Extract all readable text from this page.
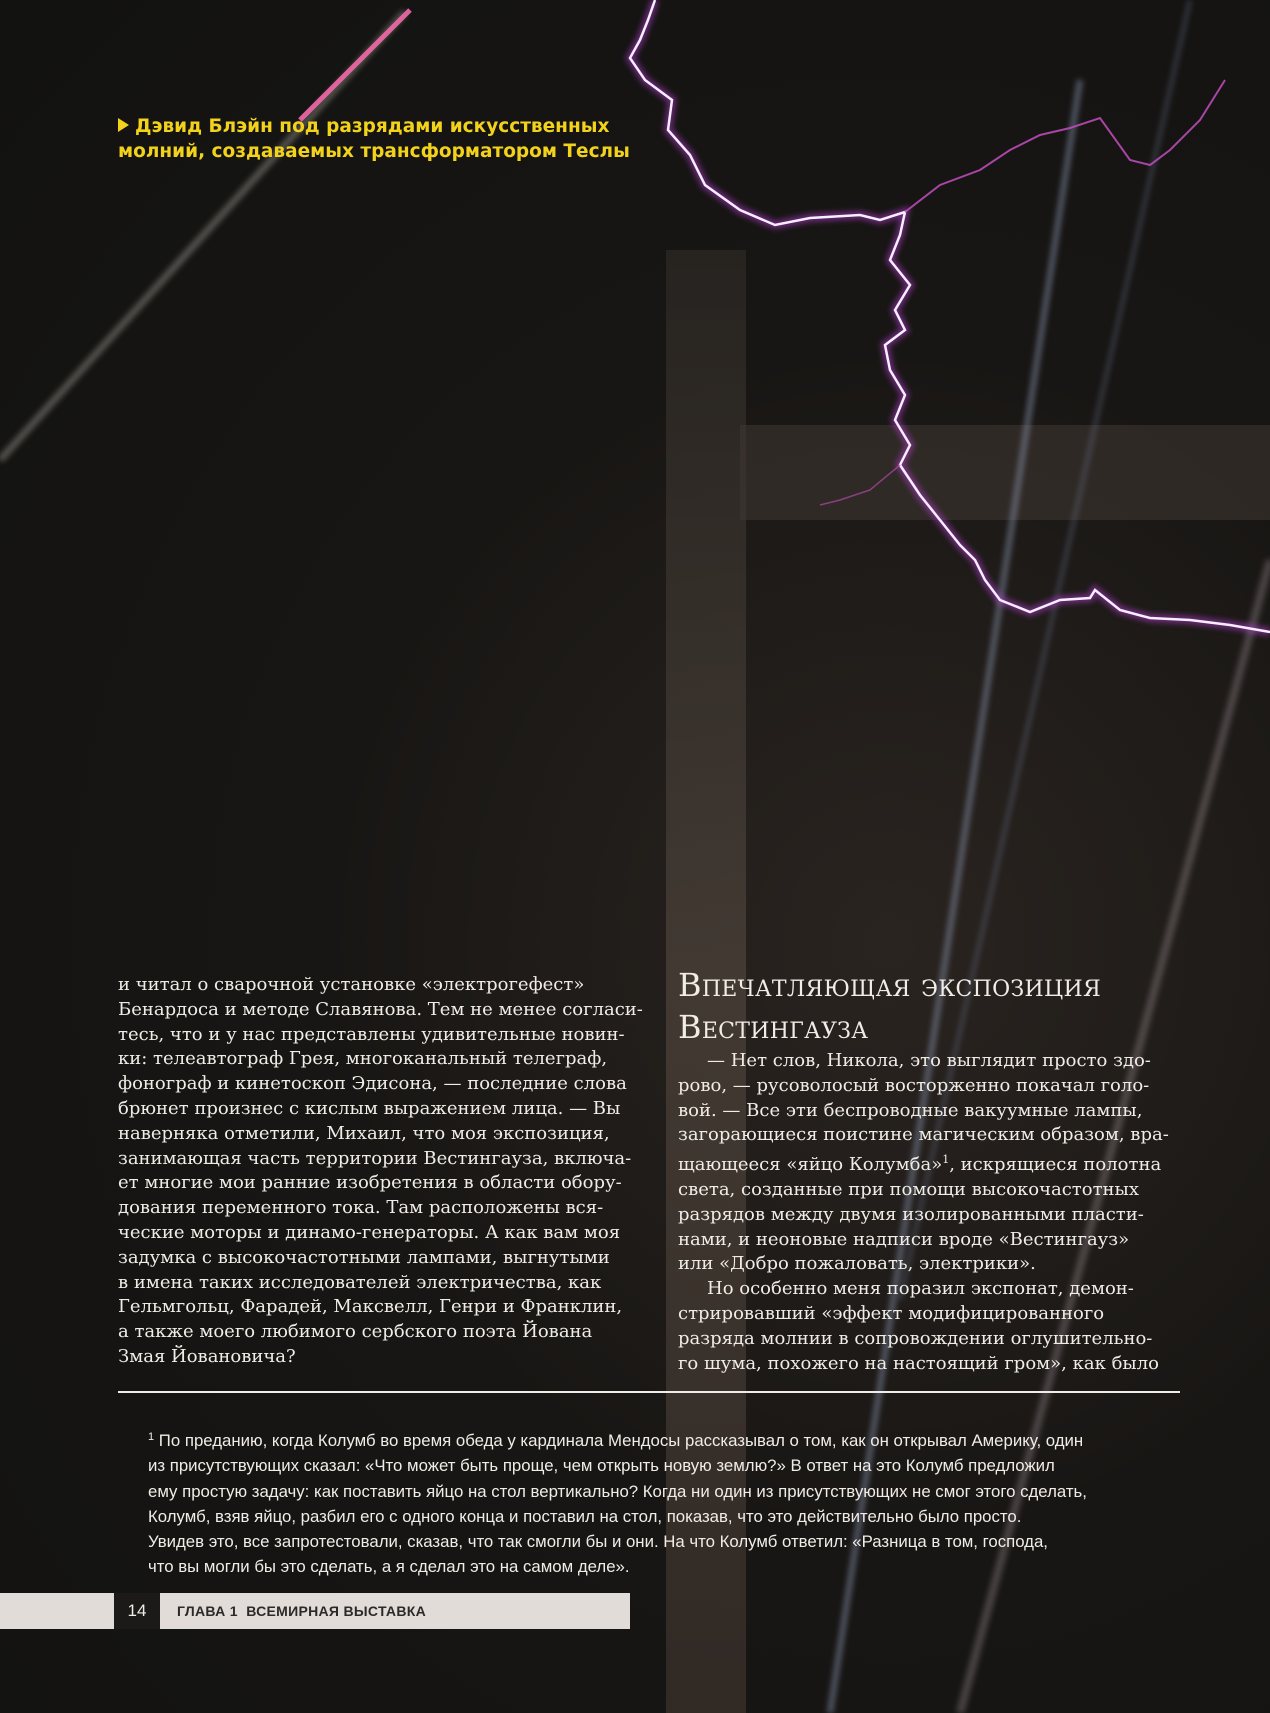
Дэвид Блэйн под разрядами искусственных
молний, создаваемых трансформатором Теслы
и читал о сварочной установке «электрогефест»
Бенардоса и методе Славянова. Тем не менее согласи-
тесь, что и у нас представлены удивительные новин-
ки: телеавтограф Грея, многоканальный телеграф,
фонограф и кинетоскоп Эдисона, — последние слова
брюнет произнес с кислым выражением лица. — Вы
наверняка отметили, Михаил, что моя экспозиция,
занимающая часть территории Вестингауза, включа-
ет многие мои ранние изобретения в области обору-
дования переменного тока. Там расположены вся-
ческие моторы и динамо-генераторы. А как вам моя
задумка с высокочастотными лампами, выгнутыми
в имена таких исследователей электричества, как
Гельмгольц, Фарадей, Максвелл, Генри и Франклин,
а также моего любимого сербского поэта Йована
Змая Йовановича?
Впечатляющая экспозиция
Вестингауза
— Нет слов, Никола, это выглядит просто здо-
рово, — русоволосый восторженно покачал голо-
вой. — Все эти беспроводные вакуумные лампы,
загорающиеся поистине магическим образом, вра-
щающееся «яйцо Колумба»$^1$, искрящиеся полотна
света, созданные при помощи высокочастотных
разрядов между двумя изолированными пласти-
нами, и неоновые надписи вроде «Вестингауз»
или «Добро пожаловать, электрики».
Но особенно меня поразил экспонат, демон-
стрировавший «эффект модифицированного
разряда молнии в сопровождении оглушительно-
го шума, похожего на настоящий гром», как было
$^1$ По преданию, когда Колумб во время обеда у кардинала Мендосы рассказывал о том, как он открывал Америку, один
из присутствующих сказал: «Что может быть проще, чем открыть новую землю?» В ответ на это Колумб предложил
ему простую задачу: как поставить яйцо на стол вертикально? Когда ни один из присутствующих не смог этого сделать,
Колумб, взяв яйцо, разбил его с одного конца и поставил на стол, показав, что это действительно было просто.
Увидев это, все запротестовали, сказав, что так смогли бы и они. На что Колумб ответил: «Разница в том, господа,
что вы могли бы это сделать, а я сделал это на самом деле».
14	ГЛАВА 1 ВСЕМИРНАЯ ВЫСТАВКА
